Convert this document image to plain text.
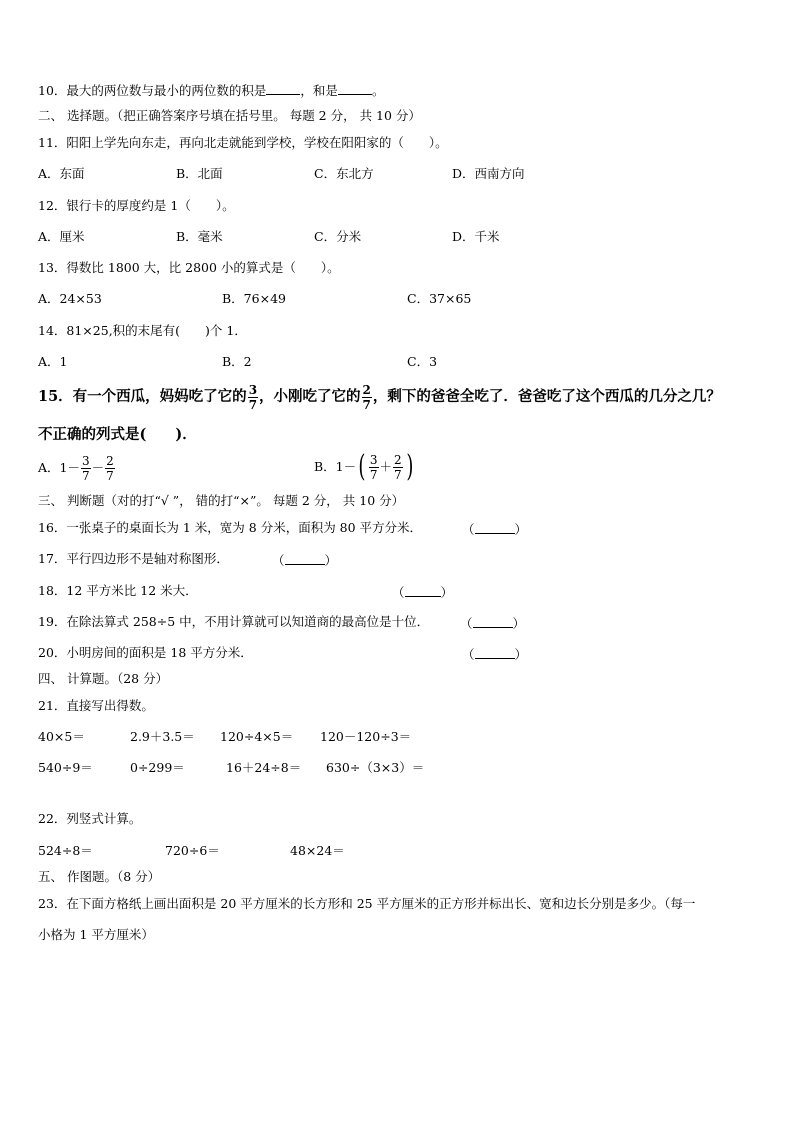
10．最大的两位数与最小的两位数的积是	，和是	。
二、 选择题。（把正确答案序号填在括号里。 每题 2 分， 共 10 分）
11．阳阳上学先向东走，再向北走就能到学校，学校在阳阳家的（　　）。
A．东面	B．北面	C．东北方	D．西南方向
12．银行卡的厚度约是 1（　　）。
A．厘米	B．毫米	C．分米	D．千米
13．得数比 1800 大，比 2800 小的算式是（　　）。
A．24×53	B．76×49	C．37×65
14．81×25,积的末尾有(　　)个 1．
A．1	B．2	C．3
15．有一个西瓜，妈妈吃了它的 $\frac{3}{7}$ ，小刚吃了它的 $\frac{2}{7}$ ，剩下的爸爸全吃了．爸爸吃了这个西瓜的几分之几？
不正确的列式是(　　)．
A．$1- \frac{3}{7} - \frac{2}{7}$	B．1－ ( $\frac{3}{7} + \frac{2}{7}$ )
三、 判断题（对的打“√ ”， 错的打“×”。 每题 2 分， 共 10 分）
16．一张桌子的桌面长为 1 米，宽为 8 分米，面积为 80 平方分米．	（	）
17．平行四边形不是轴对称图形．	（	）
18．12 平方米比 12 米大．	（	）
19．在除法算式 258÷5 中，不用计算就可以知道商的最高位是十位． （	）
20．小明房间的面积是 18 平方分米．	（	）
四、 计算题。（28 分）
21．直接写出得数。
40×5＝	2.9＋3.5＝ 120÷4×5＝ 120－120÷3＝
540÷9＝	0÷299＝	16＋24÷8＝ 630÷（3×3）＝
22．列竖式计算。
524÷8＝	720÷6＝	48×24＝
五、 作图题。（8 分）
23．在下面方格纸上画出面积是 20 平方厘米的长方形和 25 平方厘米的正方形并标出长、宽和边长分别是多少。（每一
小格为 1 平方厘米）
